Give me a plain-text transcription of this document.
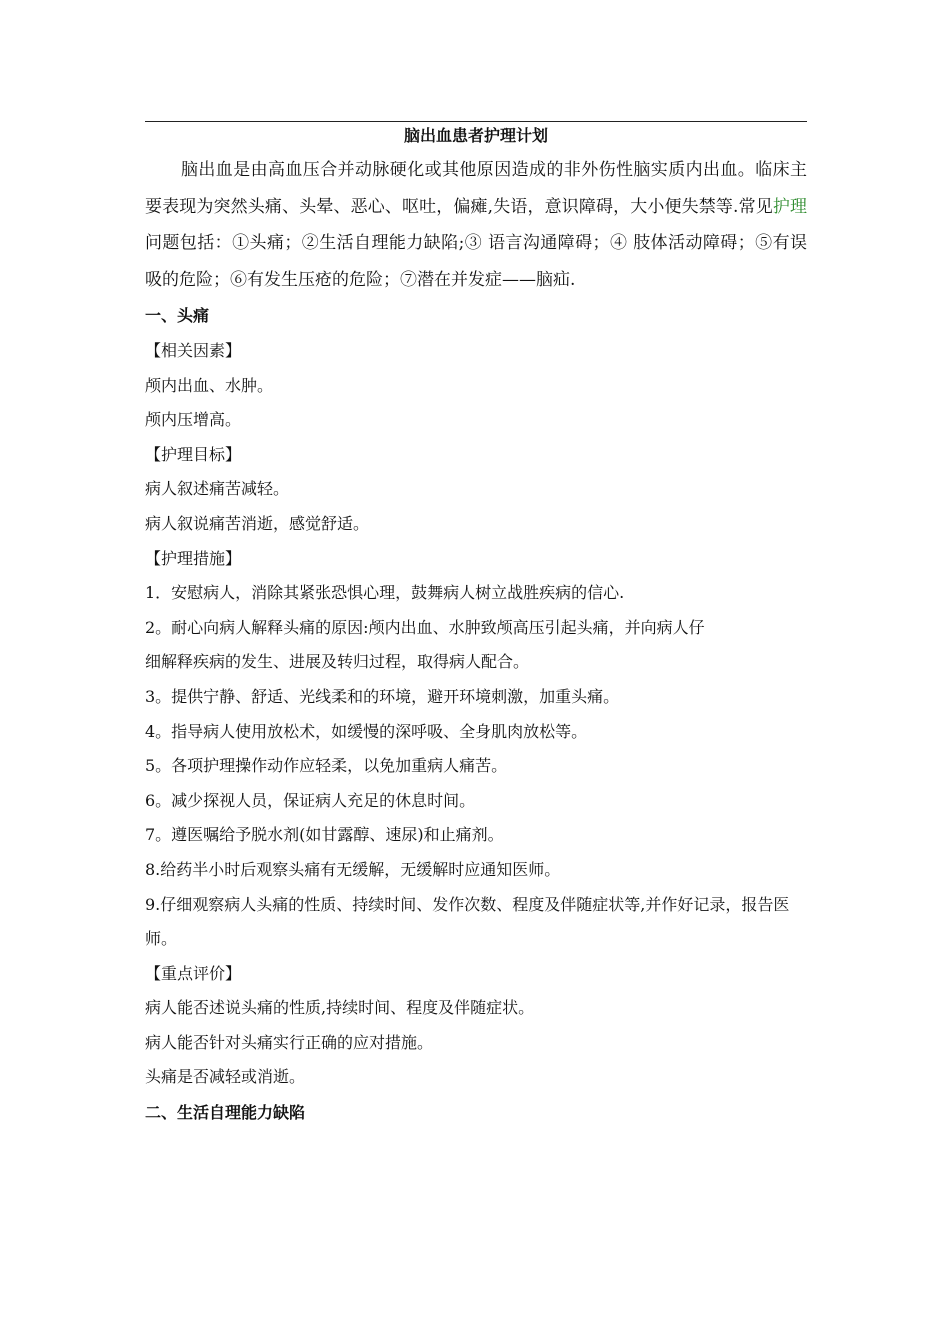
脑出血患者护理计划

脑出血是由高血压合并动脉硬化或其他原因造成的非外伤性脑实质内出血。临床主要表现为突然头痛、头晕、恶心、呕吐，偏瘫,失语，意识障碍，大小便失禁等.常见护理问题包括：①头痛；②生活自理能力缺陷;③ 语言沟通障碍；④ 肢体活动障碍；⑤有误吸的危险；⑥有发生压疮的危险；⑦潜在并发症——脑疝.

一、头痛

【相关因素】

颅内出血、水肿。

颅内压增高。

【护理目标】

病人叙述痛苦减轻。

病人叙说痛苦消逝，感觉舒适。

【护理措施】

1．安慰病人，消除其紧张恐惧心理，鼓舞病人树立战胜疾病的信心.

2。耐心向病人解释头痛的原因:颅内出血、水肿致颅高压引起头痛，并向病人仔

细解释疾病的发生、进展及转归过程，取得病人配合。

3。提供宁静、舒适、光线柔和的环境，避开环境刺激，加重头痛。

4。指导病人使用放松术，如缓慢的深呼吸、全身肌肉放松等。

5。各项护理操作动作应轻柔，以免加重病人痛苦。

6。减少探视人员，保证病人充足的休息时间。

7。遵医嘱给予脱水剂(如甘露醇、速尿)和止痛剂。

8.给药半小时后观察头痛有无缓解，无缓解时应通知医师。

9.仔细观察病人头痛的性质、持续时间、发作次数、程度及伴随症状等,并作好记录，报告医师。

【重点评价】

病人能否述说头痛的性质,持续时间、程度及伴随症状。

病人能否针对头痛实行正确的应对措施。

头痛是否减轻或消逝。

二、生活自理能力缺陷
